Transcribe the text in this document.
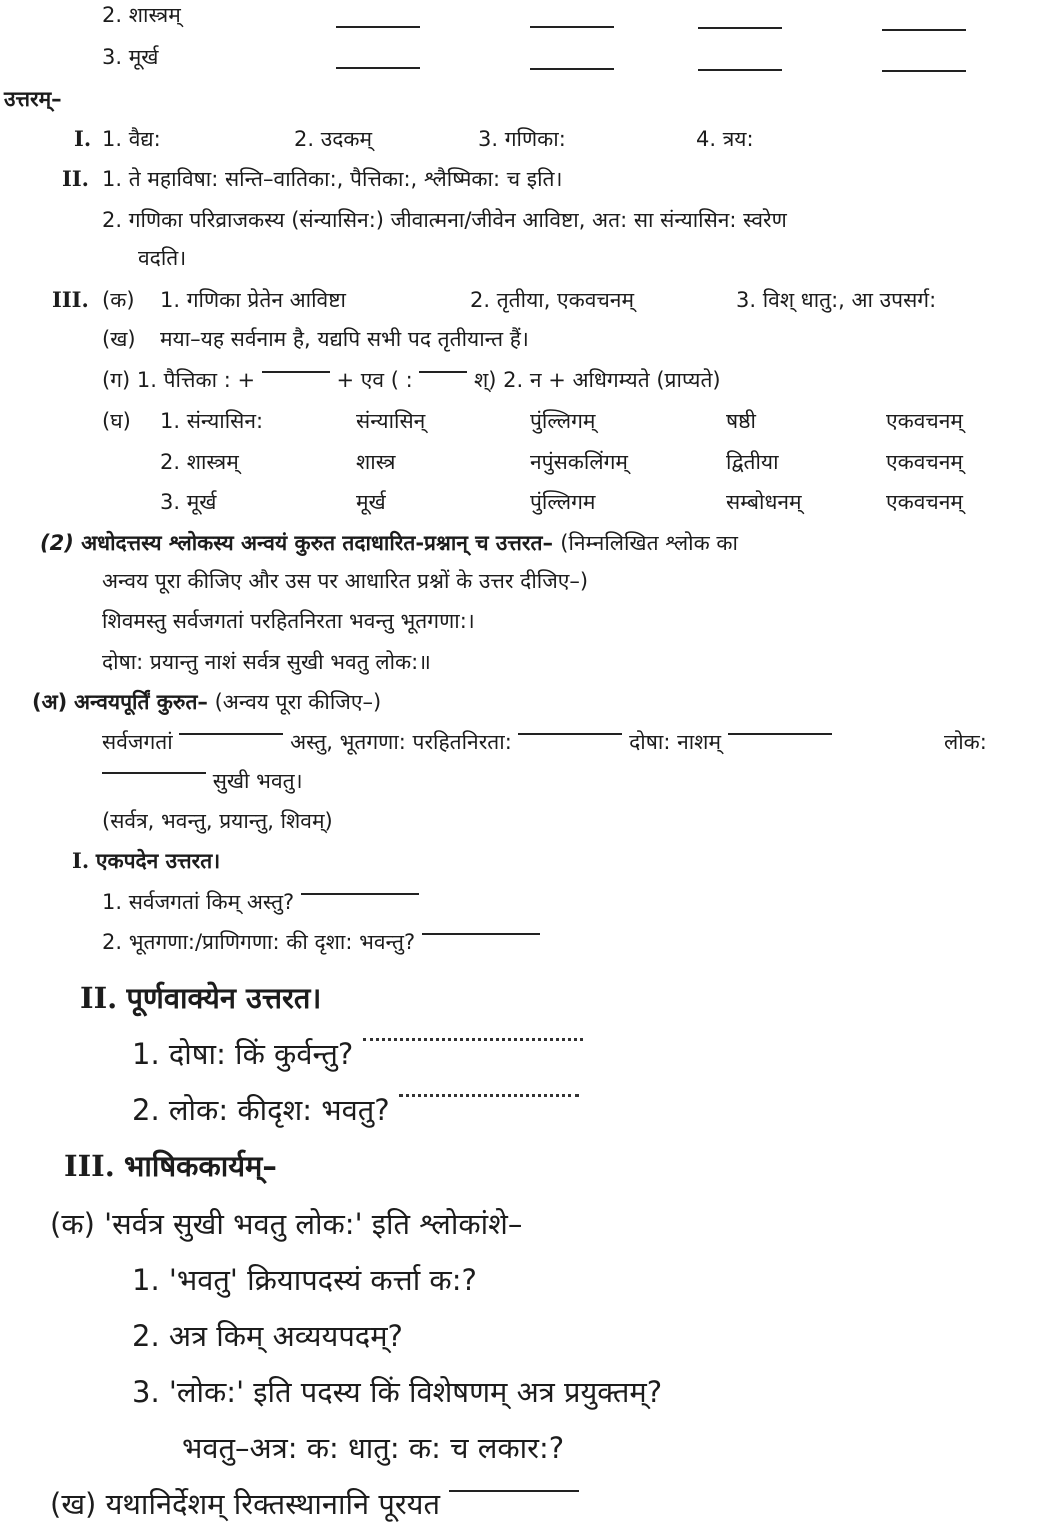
2. शास्त्रम्
3. मूर्ख
उत्तरम्–
I. 1. वैद्य:	2. उदकम्	3. गणिका:	4. त्रय:
II. 1. ते महाविषा: सन्ति–वातिका:, पैत्तिका:, श्लैष्मिका: च इति।
2. गणिका परिव्राजकस्य (संन्यासिन:) जीवात्मना/जीवेन आविष्टा, अत: सा संन्यासिन: स्वरेण
वदति।
III. (क) 1. गणिका प्रेतेन आविष्टा	2. तृतीया, एकवचनम्	3. विश् धातु:, आ उपसर्ग:
(ख) मया–यह सर्वनाम है, यद्यपि सभी पद तृतीयान्त हैं।
(ग) 1. पैत्तिका : +	+ एव ( :	श्) 2. न + अधिगम्यते (प्राप्यते)
(घ) 1. संन्यासिन:	संन्यासिन्	पुंल्लिगम्	षष्ठी	एकवचनम्
2. शास्त्रम्	शास्त्र	नपुंसकलिंगम्	द्वितीया	एकवचनम्
3. मूर्ख	मूर्ख	पुंल्लिगम	सम्बोधनम्	एकवचनम्
(2) अधोदत्तस्य श्लोकस्य अन्वयं कुरुत तदाधारित-प्रश्नान् च उत्तरत– (निम्नलिखित श्लोक का
अन्वय पूरा कीजिए और उस पर आधारित प्रश्नों के उत्तर दीजिए–)
शिवमस्तु सर्वजगतां परहितनिरता भवन्तु भूतगणा:।
दोषा: प्रयान्तु नाशं सर्वत्र सुखी भवतु लोक:॥
(अ) अन्वयपूर्तिं कुरुत– (अन्वय पूरा कीजिए–)
सर्वजगतां	अस्तु, भूतगणा: परहितनिरता:	दोषा: नाशम्	लोक:
सुखी भवतु।
(सर्वत्र, भवन्तु, प्रयान्तु, शिवम्)
I. एकपदेन उत्तरत।
1. सर्वजगतां किम् अस्तु?
2. भूतगणा:/प्राणिगणा: की दृशा: भवन्तु?
II. पूर्णवाक्येन उत्तरत।
1. दोषा: किं कुर्वन्तु?
2. लोक: कीदृश: भवतु?
III. भाषिककार्यम्–
(क) 'सर्वत्र सुखी भवतु लोक:' इति श्लोकांशे–
1. 'भवतु' क्रियापदस्यं कर्त्ता क:?
2. अत्र किम् अव्ययपदम्?
3. 'लोक:' इति पदस्य किं विशेषणम् अत्र प्रयुक्तम्?
भवतु–अत्र: क: धातु: क: च लकार:?
(ख) यथानिर्देशम् रिक्तस्थानानि पूरयत
